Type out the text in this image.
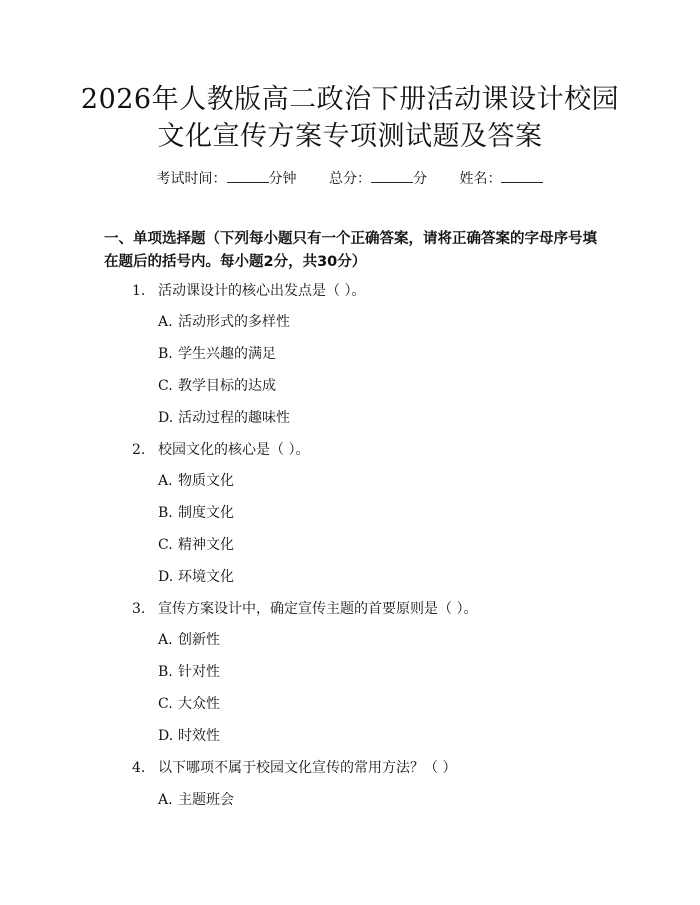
2026年人教版高二政治下册活动课设计校园
文化宣传方案专项测试题及答案
考试时间：	分钟 总分：	分 姓名：
一、单项选择题（下列每小题只有一个正确答案，请将正确答案的字母序号填在题后的括号内。每小题2分，共30分）
1. 活动课设计的核心出发点是（ ）。
A. 活动形式的多样性
B. 学生兴趣的满足
C. 教学目标的达成
D. 活动过程的趣味性
2. 校园文化的核心是（ ）。
A. 物质文化
B. 制度文化
C. 精神文化
D. 环境文化
3. 宣传方案设计中，确定宣传主题的首要原则是（ ）。
A. 创新性
B. 针对性
C. 大众性
D. 时效性
4. 以下哪项不属于校园文化宣传的常用方法？（ ）
A. 主题班会
